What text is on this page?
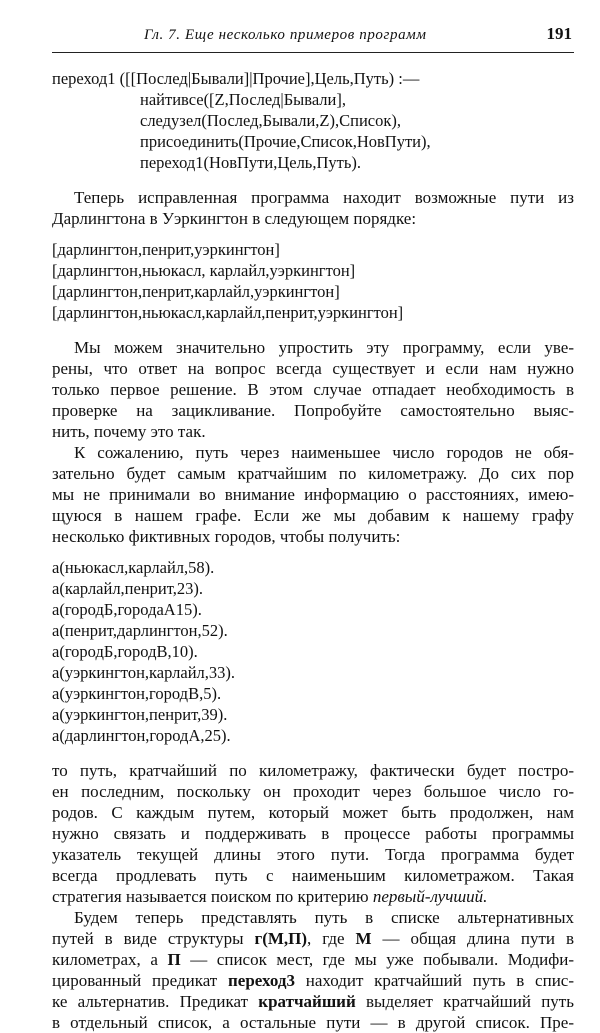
Гл. 7. Еще несколько примеров программ	191
переход1 ([[Послед|Бывали]|Прочие],Цель,Путь) :—
найтивсе([Z,Послед|Бывали],
следузел(Послед,Бывали,Z),Список),
присоединить(Прочие,Список,НовПути),
переход1(НовПути,Цель,Путь).
Теперь исправленная программа находит возможные пути из
Дарлингтона в Уэркингтон в следующем порядке:
[дарлингтон,пенрит,уэркингтон]
[дарлингтон,ньюкасл, карлайл,уэркингтон]
[дарлингтон,пенрит,карлайл,уэркингтон]
[дарлингтон,ньюкасл,карлайл,пенрит,уэркингтон]
Мы можем значительно упростить эту программу, если уве-
рены, что ответ на вопрос всегда существует и если нам нужно
только первое решение. В этом случае отпадает необходимость в
проверке на зацикливание. Попробуйте самостоятельно выяс-
нить, почему это так.
К сожалению, путь через наименьшее число городов не обя-
зательно будет самым кратчайшим по километражу. До сих пор
мы не принимали во внимание информацию о расстояниях, имею-
щуюся в нашем графе. Если же мы добавим к нашему графу
несколько фиктивных городов, чтобы получить:
а(ньюкасл,карлайл,58).
а(карлайл,пенрит,23).
а(городБ,городаА15).
а(пенрит,дарлингтон,52).
а(городБ,городВ,10).
а(уэркингтон,карлайл,33).
а(уэркингтон,городВ,5).
а(уэркингтон,пенрит,39).
а(дарлингтон,городА,25).
то путь, кратчайший по километражу, фактически будет постро-
ен последним, поскольку он проходит через большое число го-
родов. С каждым путем, который может быть продолжен, нам
нужно связать и поддерживать в процессе работы программы
указатель текущей длины этого пути. Тогда программа будет
всегда продлевать путь с наименьшим километражом. Такая
стратегия называется поиском по критерию первый-лучший.
Будем теперь представлять путь в списке альтернативных
путей в виде структуры г(М,П), где М — общая длина пути в
километрах, а П — список мест, где мы уже побывали. Модифи-
цированный предикат переход3 находит кратчайший путь в спис-
ке альтернатив. Предикат кратчайший выделяет кратчайший путь
в отдельный список, а остальные пути — в другой список. Пре-
